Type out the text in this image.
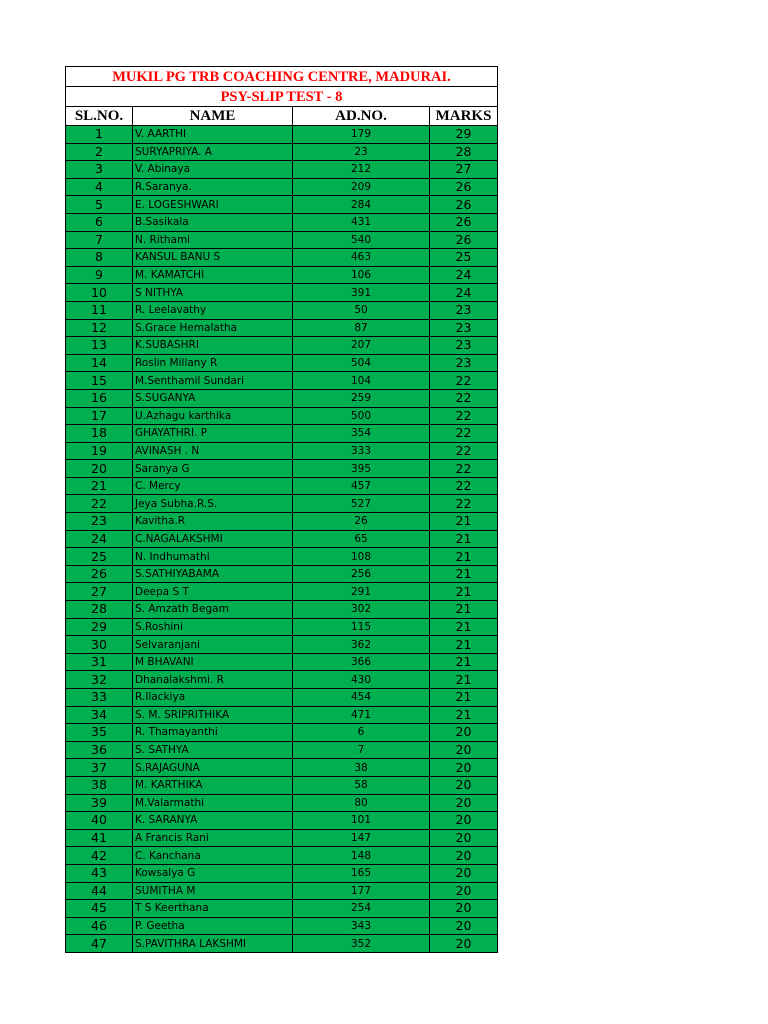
MUKIL PG TRB COACHING CENTRE, MADURAI.			
PSY-SLIP TEST - 8			
SL.NO.	NAME	AD.NO.	MARKS
1	V. AARTHI	179	29
2	SURYAPRIYA. A	23	28
3	V. Abinaya	212	27
4	R.Saranya.	209	26
5	E. LOGESHWARI	284	26
6	B.Sasikala	431	26
7	N. Rithami	540	26
8	KANSUL BANU S	463	25
9	M. KAMATCHI	106	24
10	S NITHYA	391	24
11	R. Leelavathy	50	23
12	S.Grace Hemalatha	87	23
13	K.SUBASHRI	207	23
14	Roslin Millany R	504	23
15	M.Senthamil Sundari	104	22
16	S.SUGANYA	259	22
17	U.Azhagu karthika	500	22
18	GHAYATHRI. P	354	22
19	AVINASH . N	333	22
20	Saranya G	395	22
21	C. Mercy	457	22
22	Jeya Subha.R.S.	527	22
23	Kavitha.R	26	21
24	C.NAGALAKSHMI	65	21
25	N. Indhumathi	108	21
26	S.SATHIYABAMA	256	21
27	Deepa S T	291	21
28	S. Amzath Begam	302	21
29	S.Roshini	115	21
30	Selvaranjani	362	21
31	M BHAVANI	366	21
32	Dhanalakshmi. R	430	21
33	R.Ilackiya	454	21
34	S. M. SRIPRITHIKA	471	21
35	R. Thamayanthi	6	20
36	S. SATHYA	7	20
37	S.RAJAGUNA	38	20
38	M. KARTHIKA	58	20
39	M.Valarmathi	80	20
40	K. SARANYA	101	20
41	A Francis Rani	147	20
42	C. Kanchana	148	20
43	Kowsalya G	165	20
44	SUMITHA M	177	20
45	T S Keerthana	254	20
46	P. Geetha	343	20
47	S.PAVITHRA LAKSHMI	352	20
